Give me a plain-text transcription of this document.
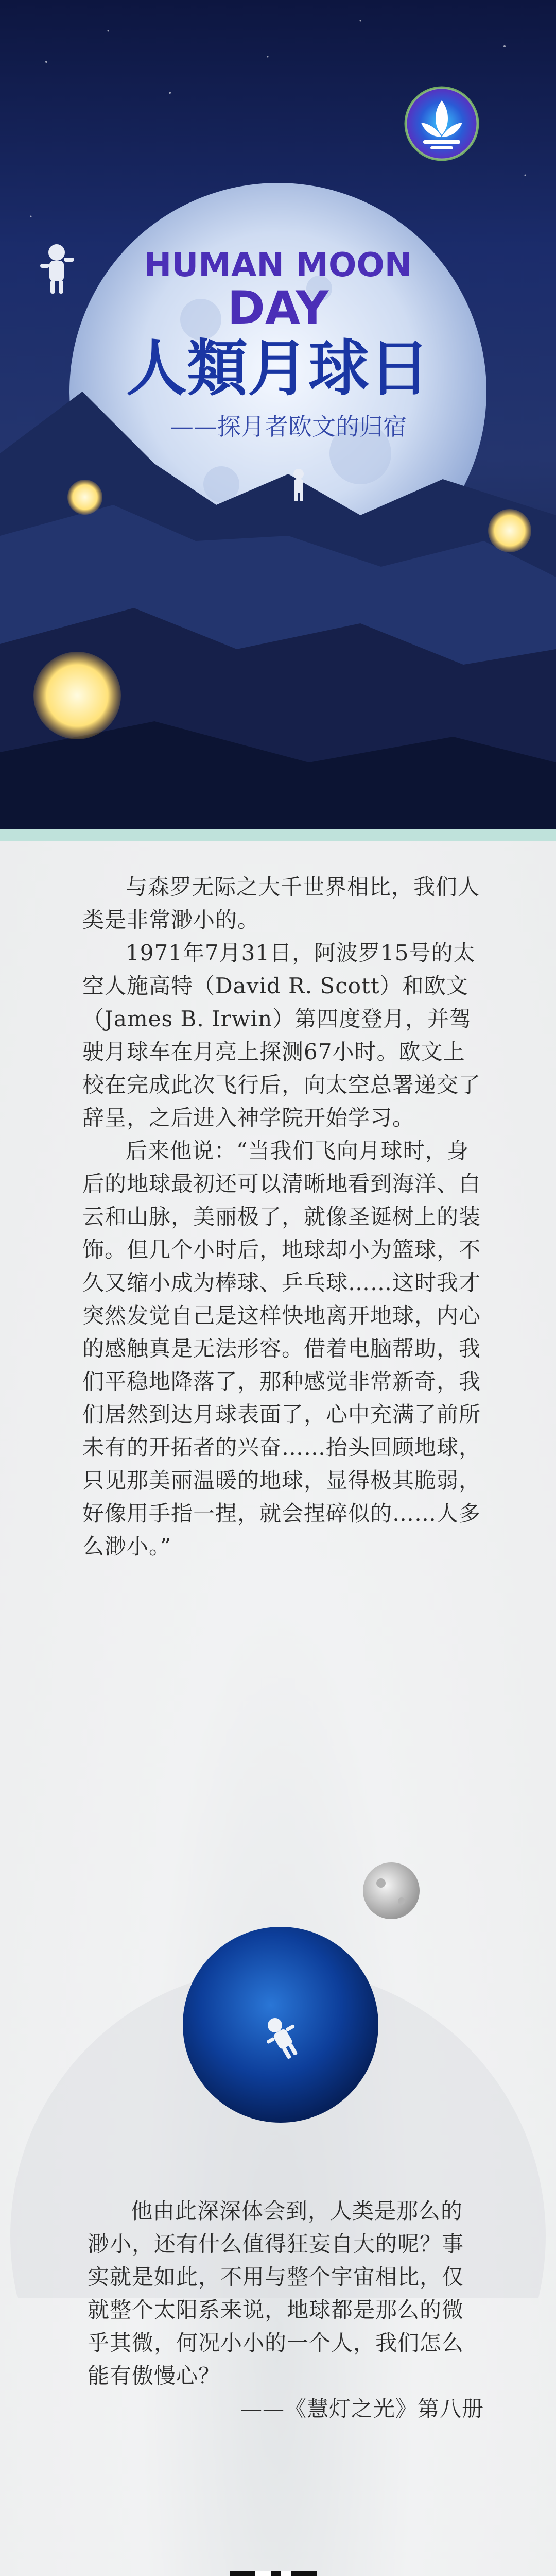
HUMAN MOON
DAY
人類月球日
——探月者欧文的归宿

与森罗无际之大千世界相比，我们人类是非常渺小的。

1971年7月31日，阿波罗15号的太空人施高特（David R. Scott）和欧文（James B. Irwin）第四度登月，并驾驶月球车在月亮上探测67小时。欧文上校在完成此次飞行后，向太空总署递交了辞呈，之后进入神学院开始学习。

后来他说：“当我们飞向月球时，身后的地球最初还可以清晰地看到海洋、白云和山脉，美丽极了，就像圣诞树上的装饰。但几个小时后，地球却小为篮球，不久又缩小成为棒球、乒乓球……这时我才突然发觉自己是这样快地离开地球，内心的感触真是无法形容。借着电脑帮助，我们平稳地降落了，那种感觉非常新奇，我们居然到达月球表面了，心中充满了前所未有的开拓者的兴奋……抬头回顾地球，只见那美丽温暖的地球，显得极其脆弱，好像用手指一捏，就会捏碎似的……人多么渺小。”

他由此深深体会到，人类是那么的渺小，还有什么值得狂妄自大的呢？事实就是如此，不用与整个宇宙相比，仅就整个太阳系来说，地球都是那么的微乎其微，何况小小的一个人，我们怎么能有傲慢心？

——《慧灯之光》第八册
